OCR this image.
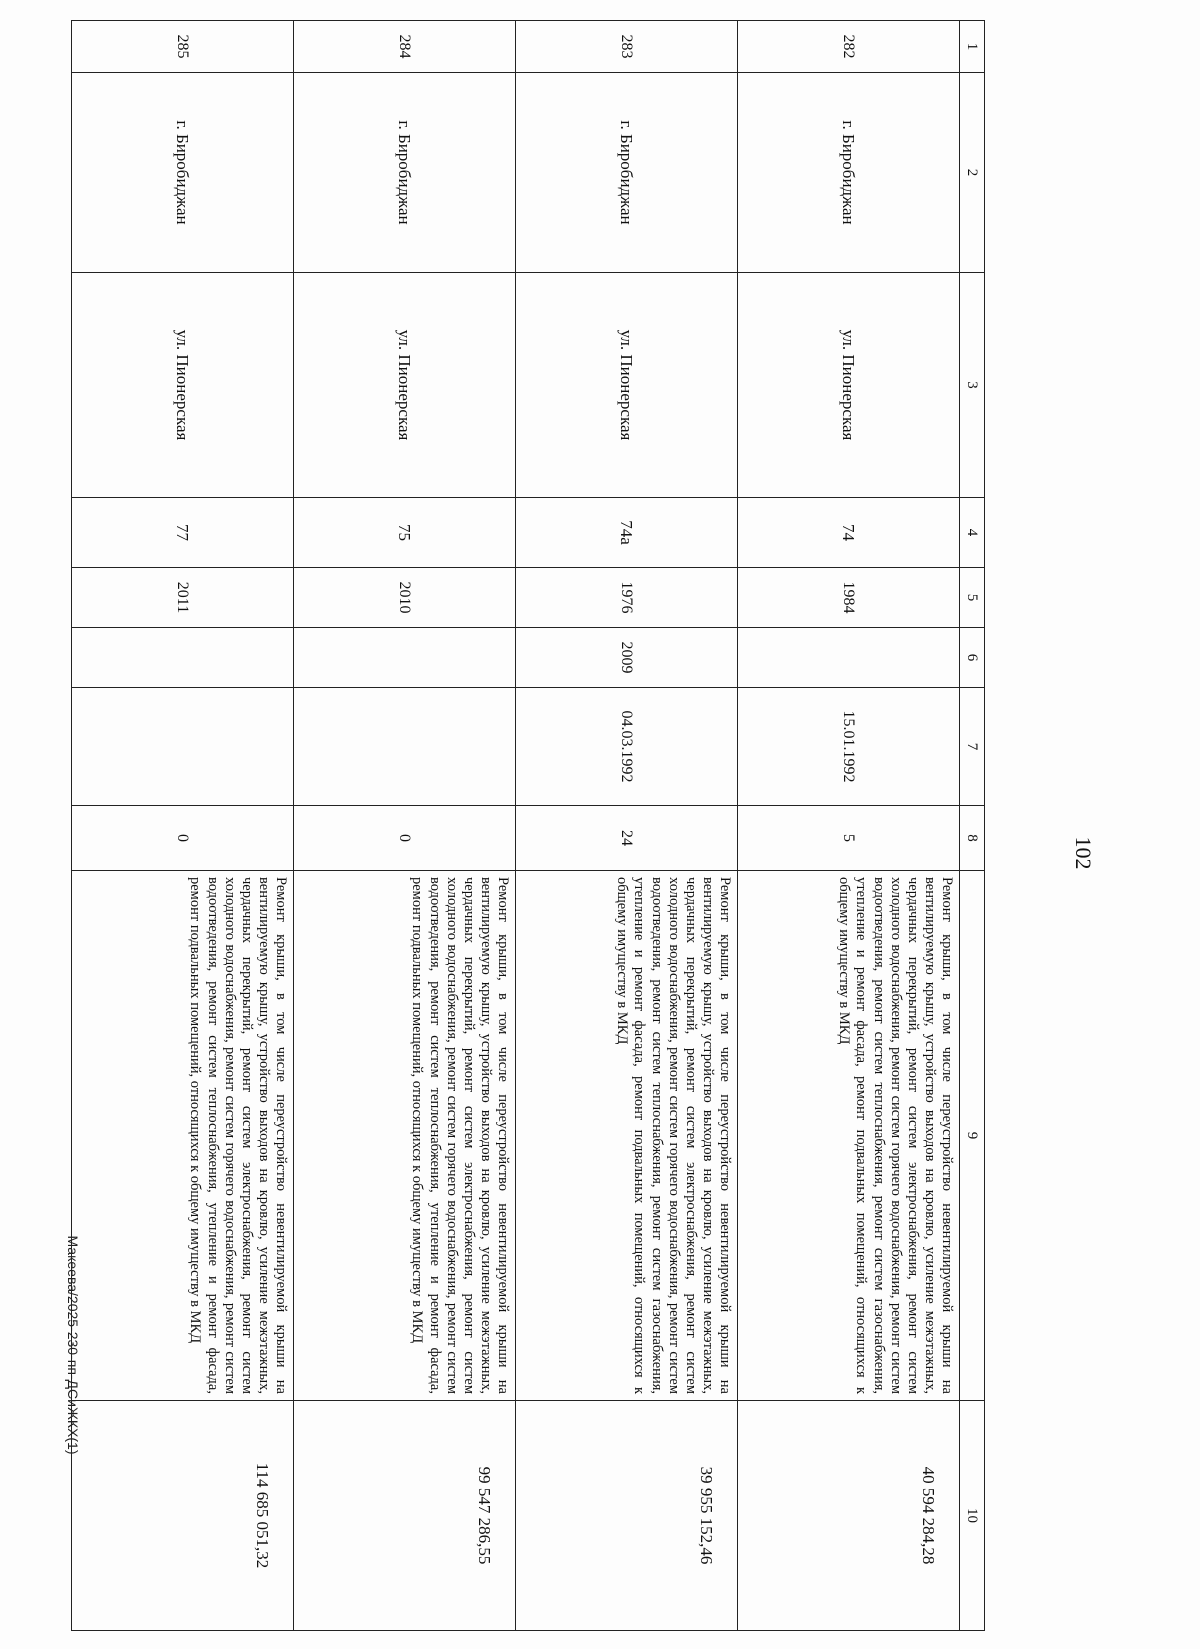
102
1	2	3	4	5	6	7	8	9	10
282	г. Биробиджан	ул. Пионерская	74	1984		15.01.1992	5	Ремонт крыши, в том числе переустройство невентилируемой крыши на вентилируемую крышу, устройство выходов на кровлю, усиление межэтажных, чердачных перекрытий, ремонт систем электроснабжения, ремонт систем холодного водоснабжения, ремонт систем горячего водоснабжения, ремонт систем водоотведения, ремонт систем теплоснабжения, ремонт систем газоснабжения, утепление и ремонт фасада, ремонт подвальных помещений, относящихся к общему имуществу в МКД	40 594 284,28
283	г. Биробиджан	ул. Пионерская	74а	1976	2009	04.03.1992	24	Ремонт крыши, в том числе переустройство невентилируемой крыши на вентилируемую крышу, устройство выходов на кровлю, усиление межэтажных, чердачных перекрытий, ремонт систем электроснабжения, ремонт систем холодного водоснабжения, ремонт систем горячего водоснабжения, ремонт систем водоотведения, ремонт систем теплоснабжения, ремонт систем газоснабжения, утепление и ремонт фасада, ремонт подвальных помещений, относящихся к общему имуществу в МКД	39 955 152,46
284	г. Биробиджан	ул. Пионерская	75	2010			0	Ремонт крыши, в том числе переустройство невентилируемой крыши на вентилируемую крышу, устройство выходов на кровлю, усиление межэтажных, чердачных перекрытий, ремонт систем электроснабжения, ремонт систем холодного водоснабжения, ремонт систем горячего водоснабжения, ремонт систем водоотведения, ремонт систем теплоснабжения, утепление и ремонт фасада, ремонт подвальных помещений, относящихся к общему имуществу в МКД	99 547 286,55
285	г. Биробиджан	ул. Пионерская	77	2011			0	Ремонт крыши, в том числе переустройство невентилируемой крыши на вентилируемую крышу, устройство выходов на кровлю, усиление межэтажных, чердачных перекрытий, ремонт систем электроснабжения, ремонт систем холодного водоснабжения, ремонт систем горячего водоснабжения, ремонт систем водоотведения, ремонт систем теплоснабжения, утепление и ремонт фасада, ремонт подвальных помещений, относящихся к общему имуществу в МКД	114 685 051,32
Макеева/2025-230-пп-ДСиЖКХ(1)
